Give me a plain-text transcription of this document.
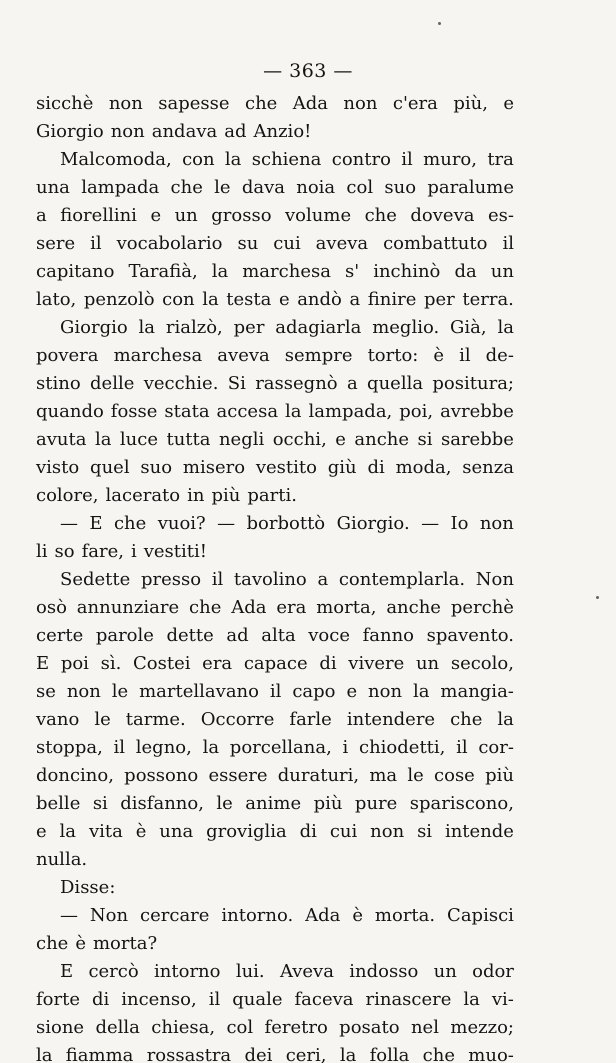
— 363 —
sicchè non sapesse che Ada non c'era più, e
Giorgio non andava ad Anzio!
Malcomoda, con la schiena contro il muro, tra
una lampada che le dava noia col suo paralume
a fiorellini e un grosso volume che doveva es-
sere il vocabolario su cui aveva combattuto il
capitano Tarafià, la marchesa s' inchinò da un
lato, penzolò con la testa e andò a finire per terra.
Giorgio la rialzò, per adagiarla meglio. Già, la
povera marchesa aveva sempre torto: è il de-
stino delle vecchie. Si rassegnò a quella positura;
quando fosse stata accesa la lampada, poi, avrebbe
avuta la luce tutta negli occhi, e anche si sarebbe
visto quel suo misero vestito giù di moda, senza
colore, lacerato in più parti.
— E che vuoi? — borbottò Giorgio. — Io non
li so fare, i vestiti!
Sedette presso il tavolino a contemplarla. Non
osò annunziare che Ada era morta, anche perchè
certe parole dette ad alta voce fanno spavento.
E poi sì. Costei era capace di vivere un secolo,
se non le martellavano il capo e non la mangia-
vano le tarme. Occorre farle intendere che la
stoppa, il legno, la porcellana, i chiodetti, il cor-
doncino, possono essere duraturi, ma le cose più
belle si disfanno, le anime più pure spariscono,
e la vita è una groviglia di cui non si intende
nulla.
Disse:
— Non cercare intorno. Ada è morta. Capisci
che è morta?
E cercò intorno lui. Aveva indosso un odor
forte di incenso, il quale faceva rinascere la vi-
sione della chiesa, col feretro posato nel mezzo;
la fiamma rossastra dei ceri, la folla che muo-
